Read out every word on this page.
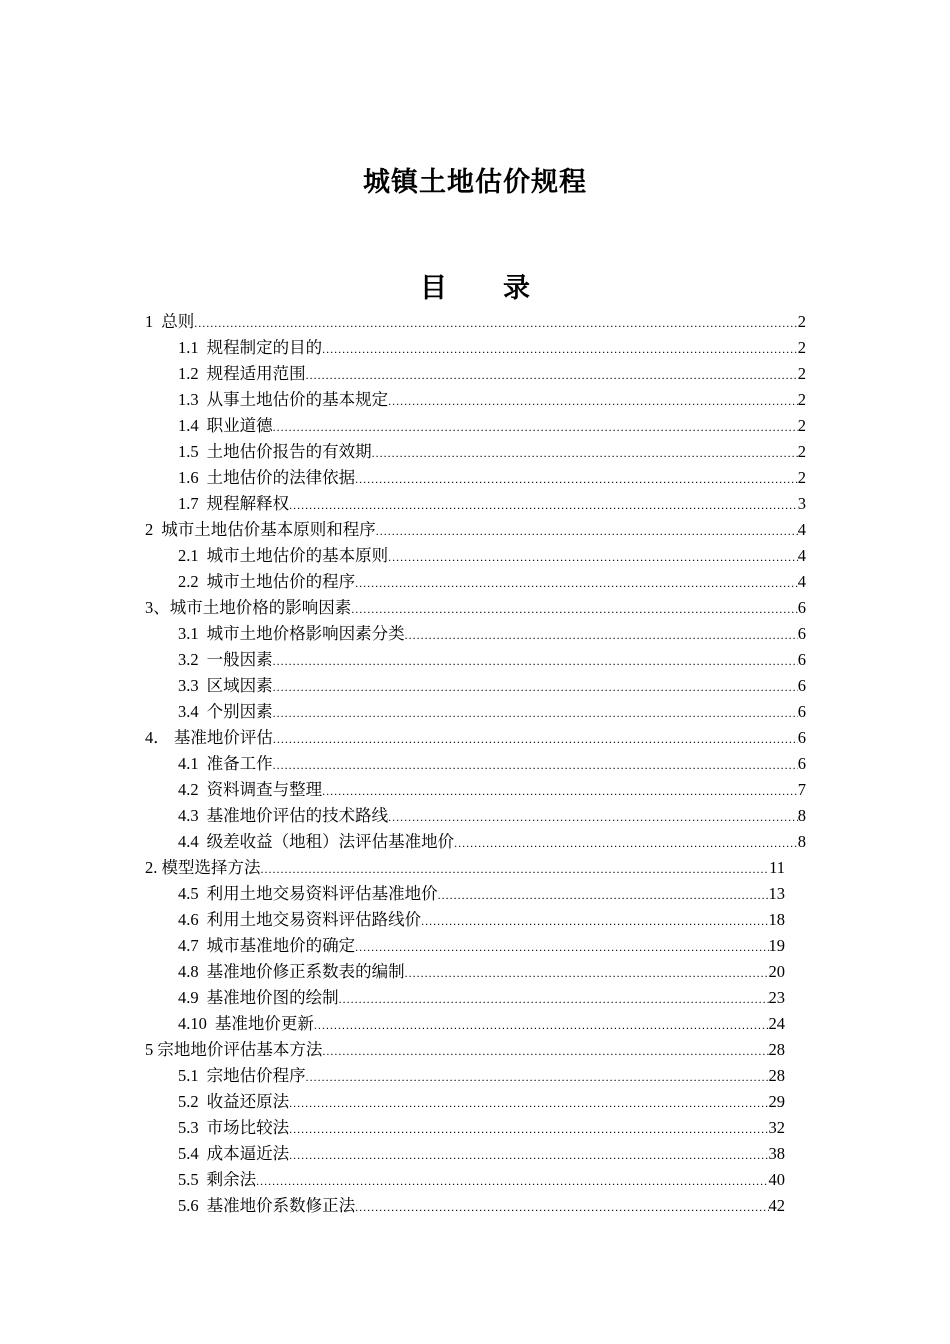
城镇土地估价规程
目 录
1 总则 .....	2
1.1 规程制定的目的 .....	2
1.2 规程适用范围 .....	2
1.3 从事土地估价的基本规定 .....	2
1.4 职业道德 .....	2
1.5 土地估价报告的有效期 .....	2
1.6 土地估价的法律依据 .....	2
1.7 规程解释权 .....	3
2 城市土地估价基本原则和程序 .....	4
2.1 城市土地估价的基本原则 .....	4
2.2 城市土地估价的程序 .....	4
3、城市土地价格的影响因素 .....	6
3.1 城市土地价格影响因素分类 .....	6
3.2 一般因素 .....	6
3.3 区域因素 .....	6
3.4 个别因素 .....	6
4． 基准地价评估 .....	6
4.1 准备工作 .....	6
4.2 资料调查与整理 .....	7
4.3 基准地价评估的技术路线 .....	8
4.4 级差收益（地租）法评估基准地价 .....	8
2. 模型选择方法 .....	11
4.5 利用土地交易资料评估基准地价 .....	13
4.6 利用土地交易资料评估路线价 .....	18
4.7 城市基准地价的确定 .....	19
4.8 基准地价修正系数表的编制 .....	20
4.9 基准地价图的绘制 .....	23
4.10 基准地价更新 .....	24
5 宗地地价评估基本方法 .....	28
5.1 宗地估价程序 .....	28
5.2 收益还原法 .....	29
5.3 市场比较法 .....	32
5.4 成本逼近法 .....	38
5.5 剩余法 .....	40
5.6 基准地价系数修正法 .....	42
